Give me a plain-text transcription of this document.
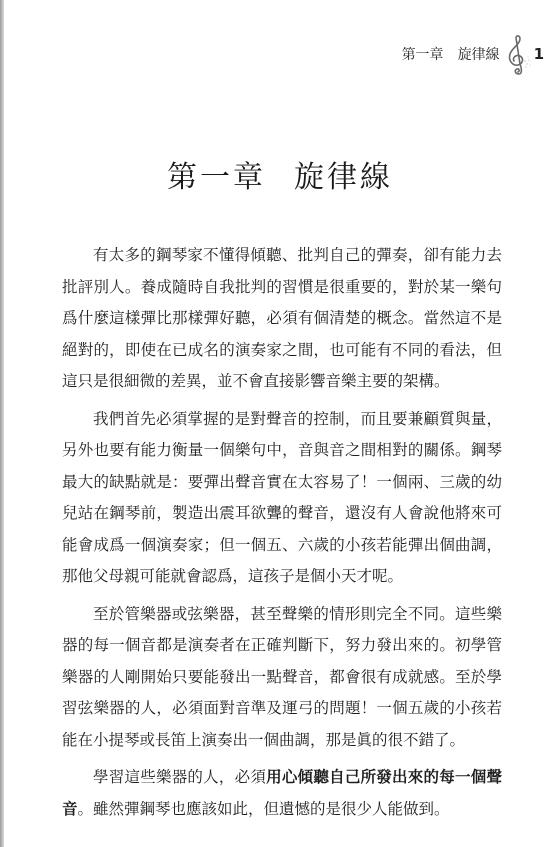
第一章 旋律線 1
第一章 旋律線

有太多的鋼琴家不懂得傾聽、批判自己的彈奏，卻有能力去批評別人。養成隨時自我批判的習慣是很重要的，對於某一樂句爲什麼這樣彈比那樣彈好聽，必須有個清楚的概念。當然這不是絕對的，即使在已成名的演奏家之間，也可能有不同的看法，但這只是很細微的差異，並不會直接影響音樂主要的架構。

我們首先必須掌握的是對聲音的控制，而且要兼顧質與量，另外也要有能力衡量一個樂句中，音與音之間相對的關係。鋼琴最大的缺點就是：要彈出聲音實在太容易了！一個兩、三歲的幼兒站在鋼琴前，製造出震耳欲聾的聲音，還沒有人會說他將來可能會成爲一個演奏家；但一個五、六歲的小孩若能彈出個曲調，那他父母親可能就會認爲，這孩子是個小天才呢。

至於管樂器或弦樂器，甚至聲樂的情形則完全不同。這些樂器的每一個音都是演奏者在正確判斷下，努力發出來的。初學管樂器的人剛開始只要能發出一點聲音，都會很有成就感。至於學習弦樂器的人，必須面對音準及運弓的問題！一個五歲的小孩若能在小提琴或長笛上演奏出一個曲調，那是眞的很不錯了。

學習這些樂器的人，必須用心傾聽自己所發出來的每一個聲音。雖然彈鋼琴也應該如此，但遺憾的是很少人能做到。
